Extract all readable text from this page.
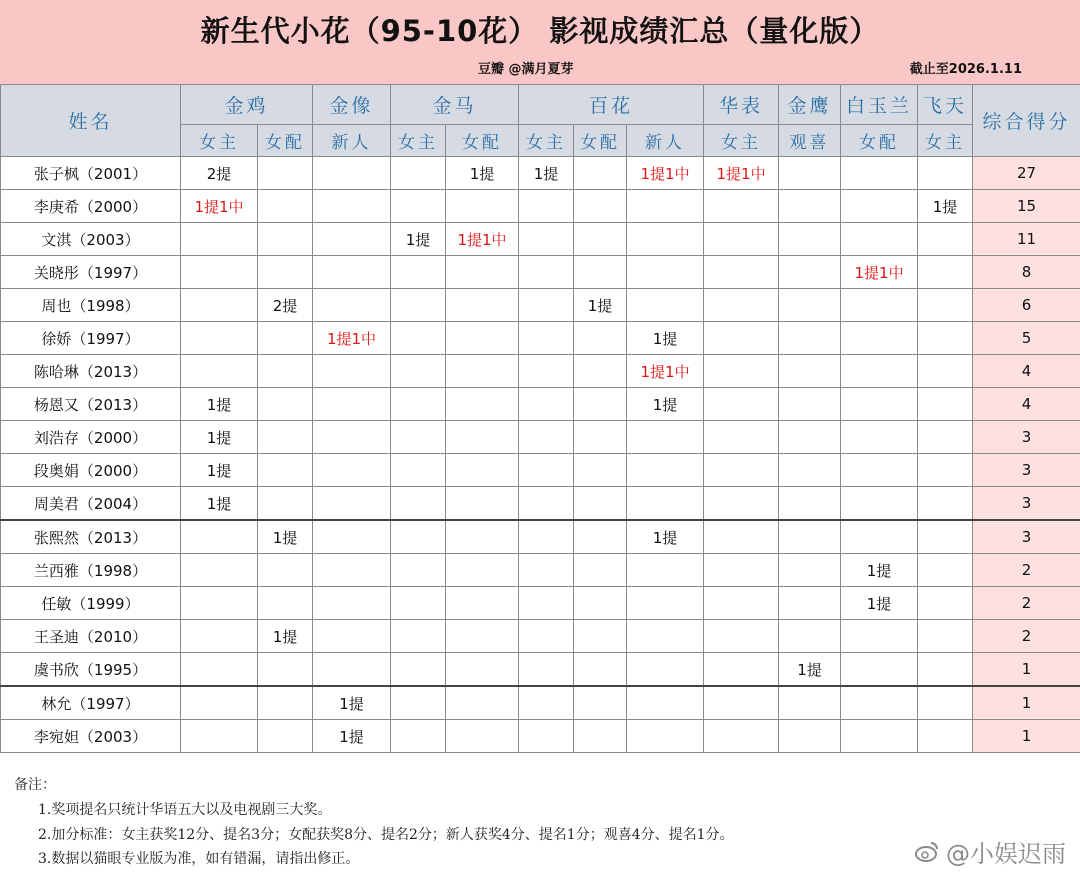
新生代小花（95-10花） 影视成绩汇总（量化版）
豆瓣 @满月夏芽	截止至2026.1.11
姓名	金鸡		金像	金马		百花			华表	金鹰	白玉兰	飞天	综合得分
	女主	女配	新人	女主	女配	女主	女配	新人	女主	观喜	女配	女主	
张子枫（2001）	2提				1提	1提		1提1中	1提1中				27
李庚希（2000）	1提1中											1提	15
文淇（2003）				1提	1提1中								11
关晓彤（1997）											1提1中		8
周也（1998）		2提					1提						6
徐娇（1997）			1提1中					1提					5
陈哈琳（2013）								1提1中					4
杨恩又（2013）	1提							1提					4
刘浩存（2000）	1提												3
段奥娟（2000）	1提												3
周美君（2004）	1提												3
张熙然（2013）		1提						1提					3
兰西雅（1998）											1提		2
任敏（1999）											1提		2
王圣迪（2010）		1提											2
虞书欣（1995）										1提			1
林允（1997）			1提										1
李宛妲（2003）			1提										1
备注：
1.奖项提名只统计华语五大以及电视剧三大奖。
2.加分标准：女主获奖12分、提名3分；女配获奖8分、提名2分；新人获奖4分、提名1分；观喜4分、提名1分。
3.数据以猫眼专业版为准，如有错漏，请指出修正。	@小娱迟雨
